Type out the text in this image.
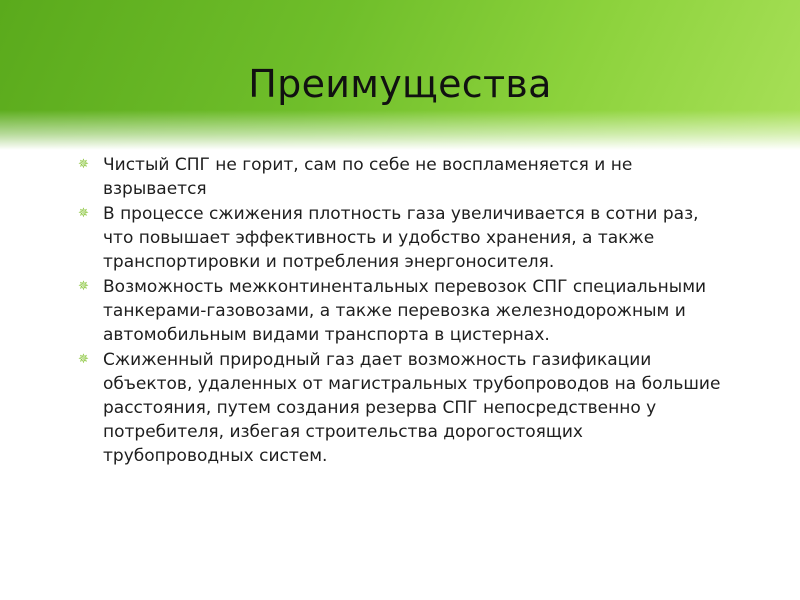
Преимущества
✵ Чистый СПГ не горит, сам по себе не воспламеняется и не взрывается
✵ В процессе сжижения плотность газа увеличивается в сотни раз, что повышает эффективность и удобство хранения, а также транспортировки и потребления энергоносителя.
✵ Возможность межконтинентальных перевозок СПГ специальными танкерами-газовозами, а также перевозка железнодорожным и автомобильным видами транспорта в цистернах.
✵ Сжиженный природный газ дает возможность газификации объектов, удаленных от магистральных трубопроводов на большие расстояния, путем создания резерва СПГ непосредственно у потребителя, избегая строительства дорогостоящих трубопроводных систем.
